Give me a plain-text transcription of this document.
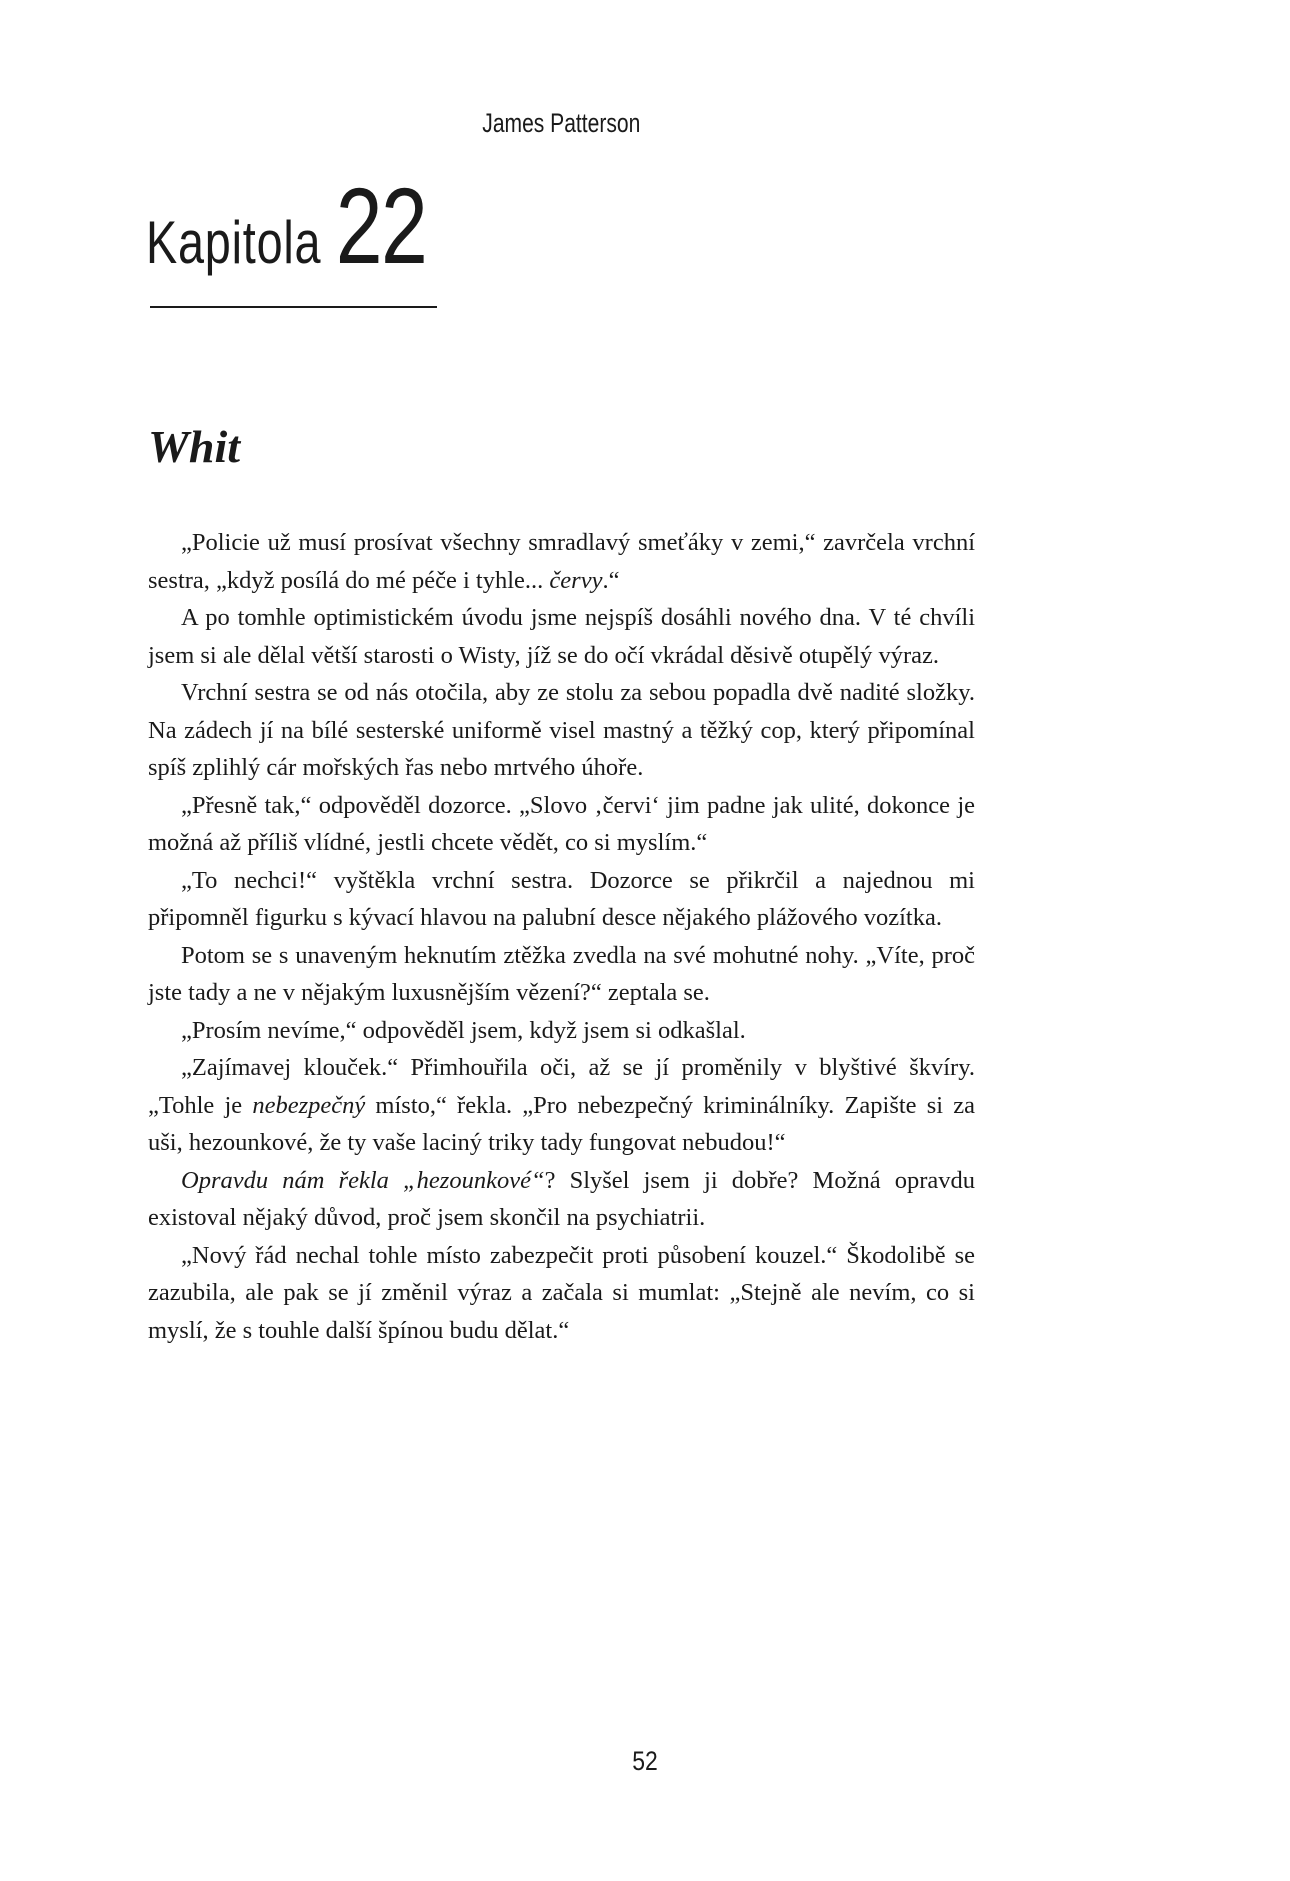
James Patterson
Kapitola 22
Whit

„Policie už musí prosívat všechny smradlavý smeťáky v zemi,“ zavrčela vrchní sestra, „když posílá do mé péče i tyhle... červy.“

A po tomhle optimistickém úvodu jsme nejspíš dosáhli nového dna. V té chvíli jsem si ale dělal větší starosti o Wisty, jíž se do očí vkrádal děsivě otupělý výraz.

Vrchní sestra se od nás otočila, aby ze stolu za sebou popadla dvě nadité složky. Na zádech jí na bílé sesterské uniformě visel mastný a těžký cop, který připomínal spíš zplihlý cár mořských řas nebo mrtvého úhoře.

„Přesně tak,“ odpověděl dozorce. „Slovo ‚červi‘ jim padne jak ulité, dokonce je možná až příliš vlídné, jestli chcete vědět, co si myslím.“

„To nechci!“ vyštěkla vrchní sestra. Dozorce se přikrčil a najednou mi připomněl figurku s kývací hlavou na palubní desce nějakého plážového vozítka.

Potom se s unaveným heknutím ztěžka zvedla na své mohutné nohy. „Víte, proč jste tady a ne v nějakým luxusnějším vězení?“ zeptala se.

„Prosím nevíme,“ odpověděl jsem, když jsem si odkašlal.

„Zajímavej klouček.“ Přimhouřila oči, až se jí proměnily v blyštivé škvíry. „Tohle je nebezpečný místo,“ řekla. „Pro nebezpečný kriminálníky. Zapište si za uši, hezounkové, že ty vaše laciný triky tady fungovat nebudou!“

Opravdu nám řekla „hezounkové“? Slyšel jsem ji dobře? Možná opravdu existoval nějaký důvod, proč jsem skončil na psychiatrii.

„Nový řád nechal tohle místo zabezpečit proti působení kouzel.“ Škodolibě se zazubila, ale pak se jí změnil výraz a začala si mumlat: „Stejně ale nevím, co si myslí, že s touhle další špínou budu dělat.“

52
